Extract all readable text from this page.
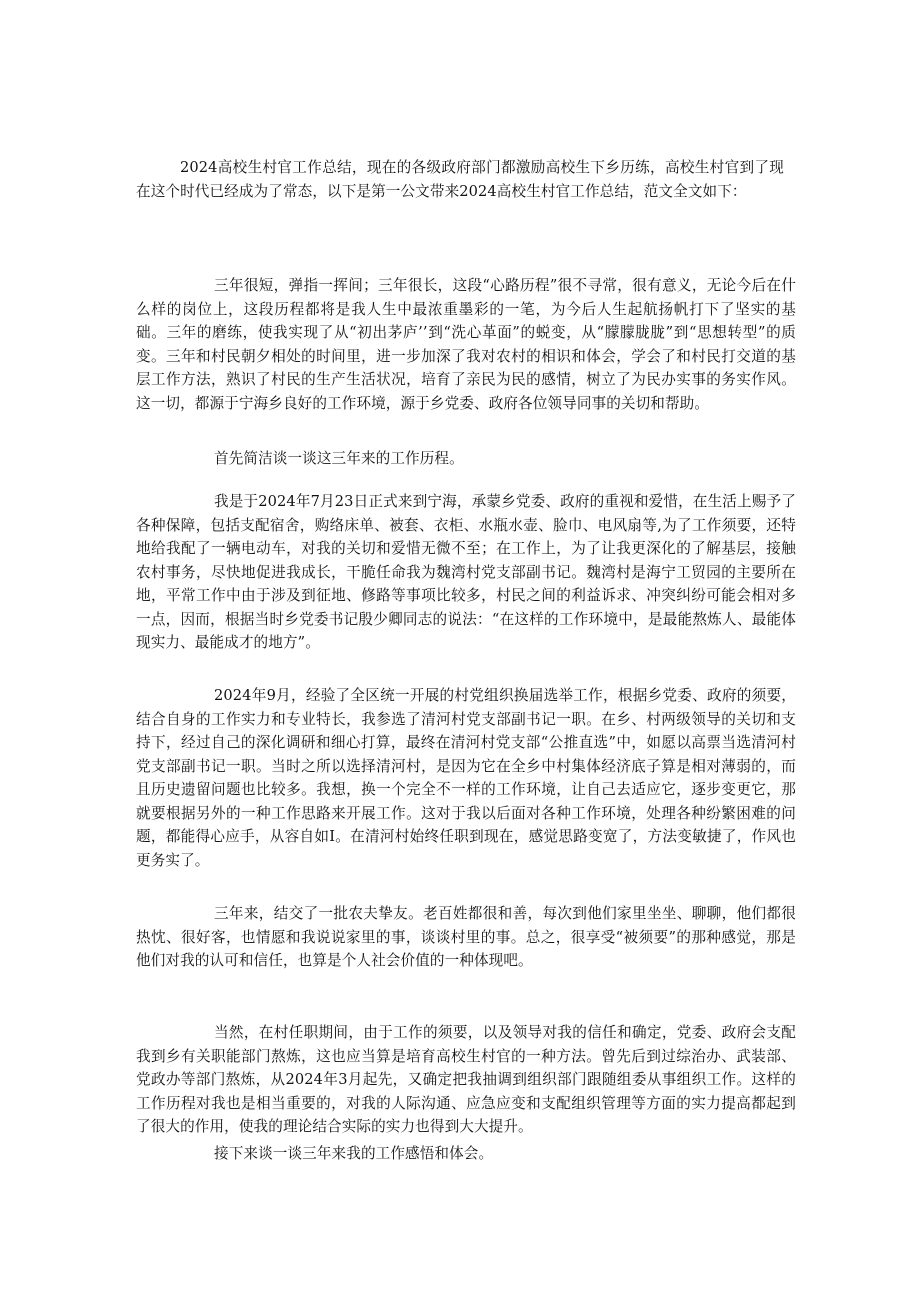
2024高校生村官工作总结，现在的各级政府部门都激励高校生下乡历练，高校生村官到了现在这个时代已经成为了常态，以下是第一公文带来2024高校生村官工作总结，范文全文如下：

三年很短，弹指一挥间；三年很长，这段“心路历程”很不寻常，很有意义，无论今后在什么样的岗位上，这段历程都将是我人生中最浓重墨彩的一笔，为今后人生起航扬帆打下了坚实的基础。三年的磨练，使我实现了从“初出茅庐’’到“洗心革面”的蜕变，从“朦朦胧胧”到“思想转型”的质变。三年和村民朝夕相处的时间里，进一步加深了我对农村的相识和体会，学会了和村民打交道的基层工作方法，熟识了村民的生产生活状况，培育了亲民为民的感情，树立了为民办实事的务实作风。这一切，都源于宁海乡良好的工作环境，源于乡党委、政府各位领导同事的关切和帮助。

首先简洁谈一谈这三年来的工作历程。

我是于2024年7月23日正式来到宁海，承蒙乡党委、政府的重视和爱惜，在生活上赐予了各种保障，包括支配宿舍，购络床单、被套、衣柜、水瓶水壶、脸巾、电风扇等,为了工作须要，还特地给我配了一辆电动车，对我的关切和爱惜无微不至；在工作上，为了让我更深化的了解基层，接触农村事务，尽快地促进我成长，干脆任命我为魏湾村党支部副书记。魏湾村是海宁工贸园的主要所在地，平常工作中由于涉及到征地、修路等事项比较多，村民之间的利益诉求、冲突纠纷可能会相对多一点，因而，根据当时乡党委书记殷少卿同志的说法：“在这样的工作环境中，是最能熬炼人、最能体现实力、最能成才的地方”。

2024年9月，经验了全区统一开展的村党组织换届选举工作，根据乡党委、政府的须要，结合自身的工作实力和专业特长，我参选了清河村党支部副书记一职。在乡、村两级领导的关切和支持下，经过自己的深化调研和细心打算，最终在清河村党支部“公推直选”中，如愿以高票当选清河村党支部副书记一职。当时之所以选择清河村，是因为它在全乡中村集体经济底子算是相对薄弱的，而且历史遗留问题也比较多。我想，换一个完全不一样的工作环境，让自己去适应它，逐步变更它，那就要根据另外的一种工作思路来开展工作。这对于我以后面对各种工作环境，处理各种纷繁困难的问题，都能得心应手，从容自如I。在清河村始终任职到现在，感觉思路变宽了，方法变敏捷了，作风也更务实了。

三年来，结交了一批农夫挚友。老百姓都很和善，每次到他们家里坐坐、聊聊，他们都很热忱、很好客，也情愿和我说说家里的事，谈谈村里的事。总之，很享受“被须要”的那种感觉，那是他们对我的认可和信任，也算是个人社会价值的一种体现吧。

当然，在村任职期间，由于工作的须要，以及领导对我的信任和确定，党委、政府会支配我到乡有关职能部门熬炼，这也应当算是培育高校生村官的一种方法。曾先后到过综治办、武装部、党政办等部门熬炼，从2024年3月起先，又确定把我抽调到组织部门跟随组委从事组织工作。这样的工作历程对我也是相当重要的，对我的人际沟通、应急应变和支配组织管理等方面的实力提高都起到了很大的作用，使我的理论结合实际的实力也得到大大提升。

接下来谈一谈三年来我的工作感悟和体会。
